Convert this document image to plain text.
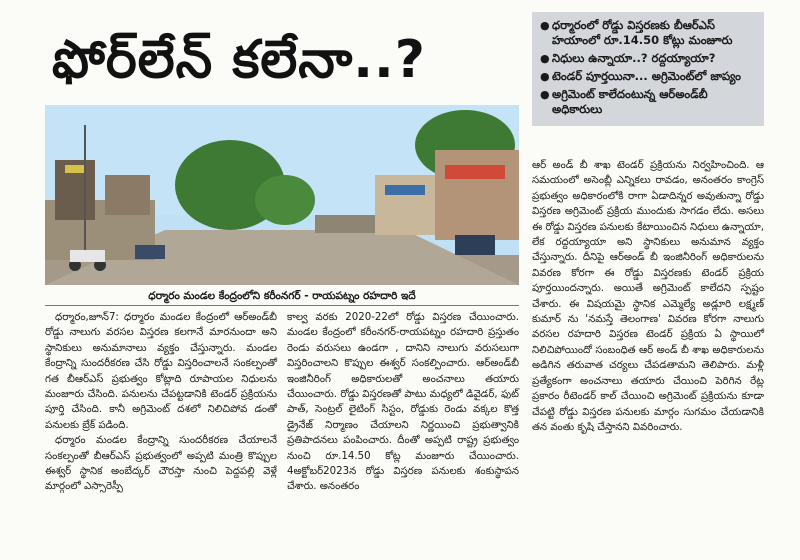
ఫోర్‌లేన్ కలేనా..?
● ధర్మారంలో రోడ్డు విస్తరణకు బీఆర్ఎస్ హయాంలో రూ.14.50 కోట్లు మంజూరు
● నిధులు ఉన్నాయా..? రద్దయ్యాయా?
● టెండర్ పూర్తయినా... అగ్రిమెంట్‌లో జాప్యం
● అగ్రిమెంట్ కాలేదంటున్న ఆర్అండ్‌బీ అధికారులు
ధర్మారం మండల కేంద్రంలోని కరీంనగర్ - రాయపట్నం రహదారి ఇదే

ధర్మారం,జూన్7: ధర్మారం మండల కేంద్రంలో ఆర్అండ్‌బీ రోడ్డు నాలుగు వరసల విస్తరణ కలగానే మారనుందా అని స్థానికులు అనుమానాలు వ్యక్తం చేస్తున్నారు. మండల కేంద్రాన్ని సుందరీకరణ చేసి రోడ్డు విస్తరించాలనే సంకల్పంతో గత బీఆర్ఎస్ ప్రభుత్వం కోట్లాది రూపాయల నిధులను మంజూరు చేసింది. పనులను చేపట్టడానికి టెండర్ ప్రక్రియను పూర్తి చేసింది. కానీ అగ్రిమెంట్ దశలో నిలిచిపోవ డంతో పనులకు బ్రేక్ పడింది.

ధర్మారం మండల కేంద్రాన్ని సుందరీకరణ చేయాలనే సంకల్పంతో బీఆర్ఎస్ ప్రభుత్వంలో అప్పటి మంత్రి కొప్పుల ఈశ్వర్ స్థానిక అంబేద్కర్ చౌరస్తా నుంచి పెద్దపల్లి వెళ్లే మార్గంలో ఎస్సారెస్పీ

కాల్వ వరకు 2020-22లో రోడ్డు విస్తరణ చేయించారు. మండల కేంద్రంలో కరీంనగర్-రాయపట్నం రహదారి ప్రస్తుతం రెండు వరుసలు ఉండగా , దానిని నాలుగు వరుసలుగా విస్తరించాలని కొప్పుల ఈశ్వర్ సంకల్పించారు. ఆర్అండ్‌బీ ఇంజినీరింగ్ అధికారులతో అంచనాలు తయారు చేయించారు. రోడ్డు విస్తరణతో పాటు మధ్యలో డివైడర్, ఫుట్ పాత్, సెంట్రల్ లైటింగ్ సిస్టం, రోడ్డుకు రెండు వక్కల కొత్త డ్రైనేజ్ నిర్మాణం చేయాలని నిర్ణయించి ప్రభుత్వానికి ప్రతిపాదనలు పంపించారు. దీంతో అప్పటి రాష్ట్ర ప్రభుత్వం నుంచి రూ.14.50 కోట్ల మంజూరు చేయించారు. 4అక్టోబర్2023న రోడ్డు విస్తరణ పనులకు శంకుస్థాపన చేశారు. అనంతరం

ఆర్ అండ్ బీ శాఖ టెండర్ ప్రక్రియను నిర్వహించింది. ఆ సమయంలో అసెంబ్లీ ఎన్నికలు రావడం, అనంతరం కాంగ్రెస్ ప్రభుత్వం అధికారంలోకి రాగా ఏడాదిన్నర అవుతున్నా రోడ్డు విస్తరణ అగ్రిమెంట్ ప్రక్రియ ముందుకు సాగడం లేదు. అసలు ఈ రోడ్డు విస్తరణ పనులకు కేటాయించిన నిధులు ఉన్నాయా, లేక రద్దయ్యాయా అని స్థానికులు అనుమాన వ్యక్తం చేస్తున్నారు. దీనిపై ఆర్అండ్ బీ ఇంజినీరింగ్ అధికారులను వివరణ కోరగా ఈ రోడ్డు విస్తరణకు టెండర్ ప్రక్రియ పూర్తయిందన్నారు. అయితే అగ్రిమెంట్ కాలేదని స్పష్టం చేశారు. ఈ విషయమై స్థానిక ఎమ్మెల్యే అడ్లూరి లక్ష్మణ్ కుమార్ ను 'నమస్తే తెలంగాణ' వివరణ కోరగా నాలుగు వరసల రహదారి విస్తరణ టెండర్ ప్రక్రియ ఏ స్థాయిలో నిలిచిపోయిందో సంబంధిత ఆర్ అండ్ బీ శాఖ అధికారులను అడిగిన తరువాత చర్యలు చేపడతామని తెలిపారు. మళ్లీ ప్రత్యేకంగా అంచనాలు తయారు చేయించి పెరిగిన రేట్ల ప్రకారం రీటెండర్ కాల్ చేయించి అగ్రిమెంట్ ప్రక్రియను కూడా చేపట్టి రోడ్డు విస్తరణ పనులకు మార్గం సుగమం చేయడానికి తన వంతు కృషి చేస్తానని వివరించారు.
